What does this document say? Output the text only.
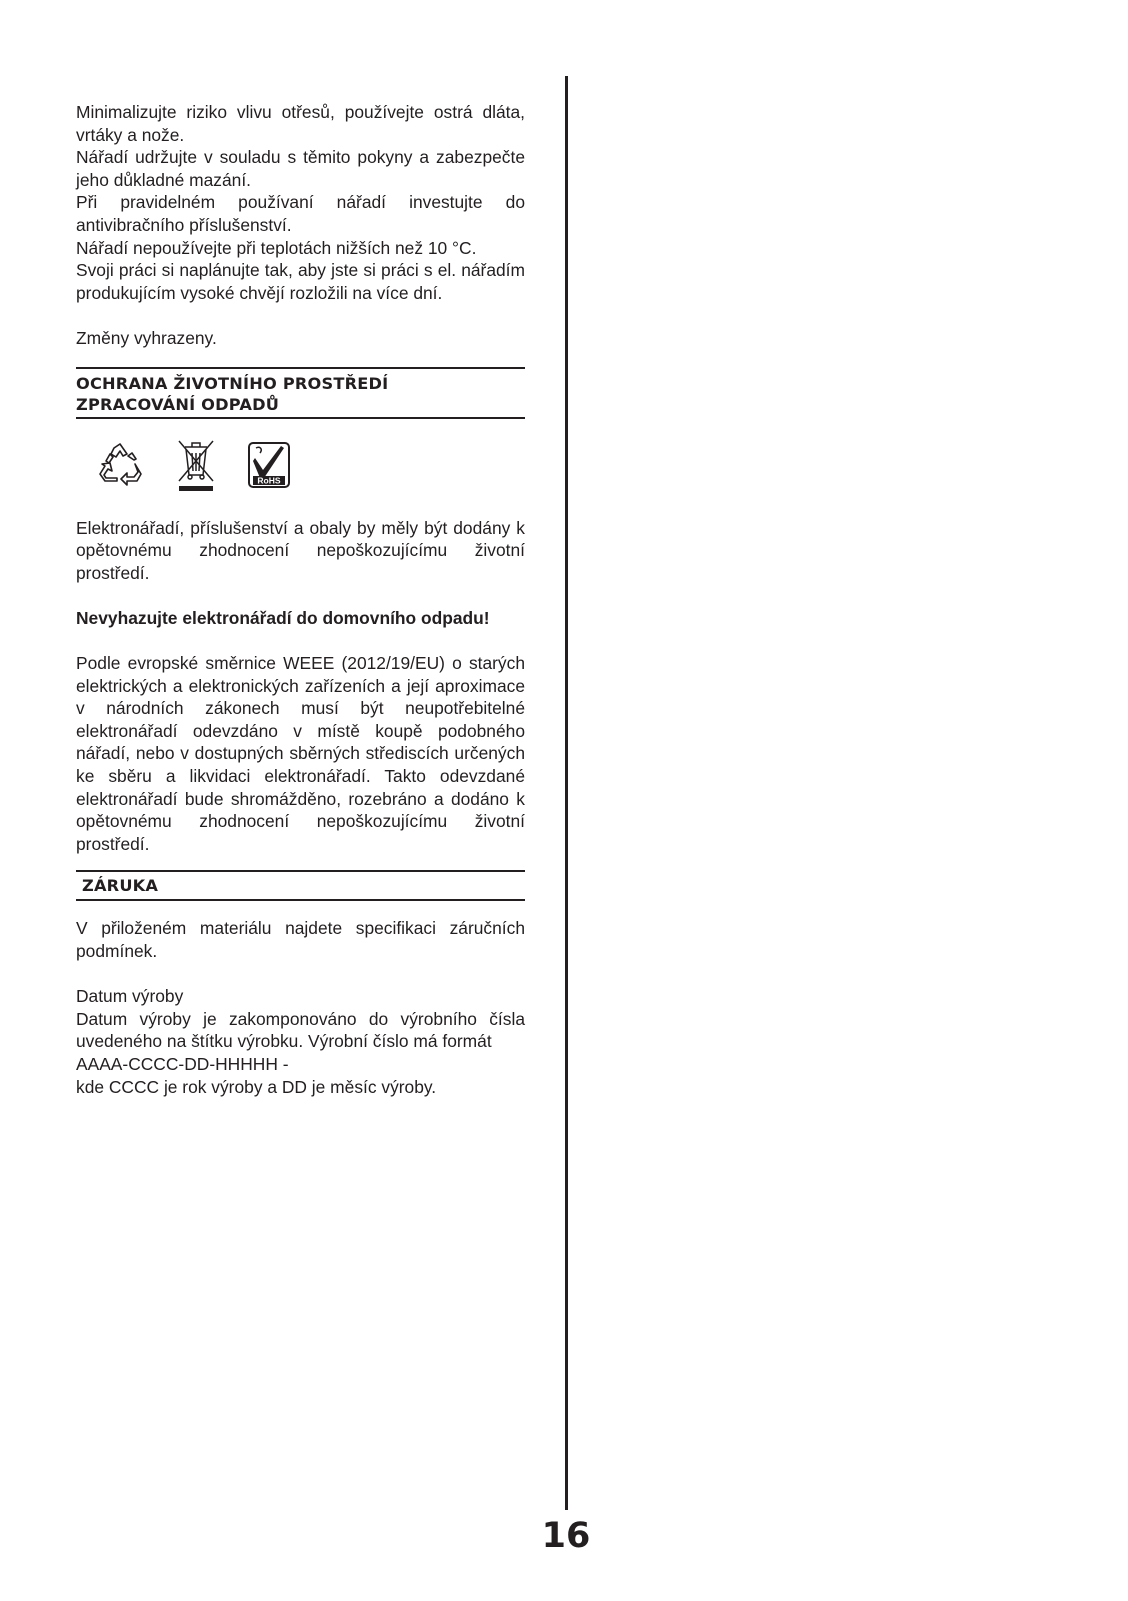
Minimalizujte riziko vlivu otřesů, používejte ostrá dláta, vrtáky a nože.

Nářadí udržujte v souladu s těmito pokyny a zabezpečte jeho důkladné mazání.

Při pravidelném používaní nářadí investujte do antivibračního příslušenství.

Nářadí nepoužívejte při teplotách nižších než 10 °C.

Svoji práci si naplánujte tak, aby jste si práci s el. nářadím produkujícím vysoké chvějí rozložili na více dní.

Změny vyhrazeny.

OCHRANA ŽIVOTNÍHO PROSTŘEDÍ
ZPRACOVÁNÍ ODPADŮ
RoHS

Elektronářadí, příslušenství a obaly by měly být dodány k opětovnému zhodnocení nepoškozujícímu životní prostředí.

Nevyhazujte elektronářadí do domovního odpadu!

Podle evropské směrnice WEEE (2012/19/EU) o starých elektrických a elektronických zařízeních a její aproximace v národních zákonech musí být neupotřebitelné elektronářadí odevzdáno v místě koupě podobného nářadí, nebo v dostupných sběrných střediscích určených ke sběru a likvidaci elektronářadí. Takto odevzdané elektronářadí bude shromážděno, rozebráno a dodáno k opětovnému zhodnocení nepoškozujícímu životní prostředí.

ZÁRUKA

V přiloženém materiálu najdete specifikaci záručních podmínek.

Datum výroby

Datum výroby je zakomponováno do výrobního čísla uvedeného na štítku výrobku. Výrobní číslo má formát

AAAA-CCCC-DD-HHHHH -

kde CCCC je rok výroby a DD je měsíc výroby.

16
